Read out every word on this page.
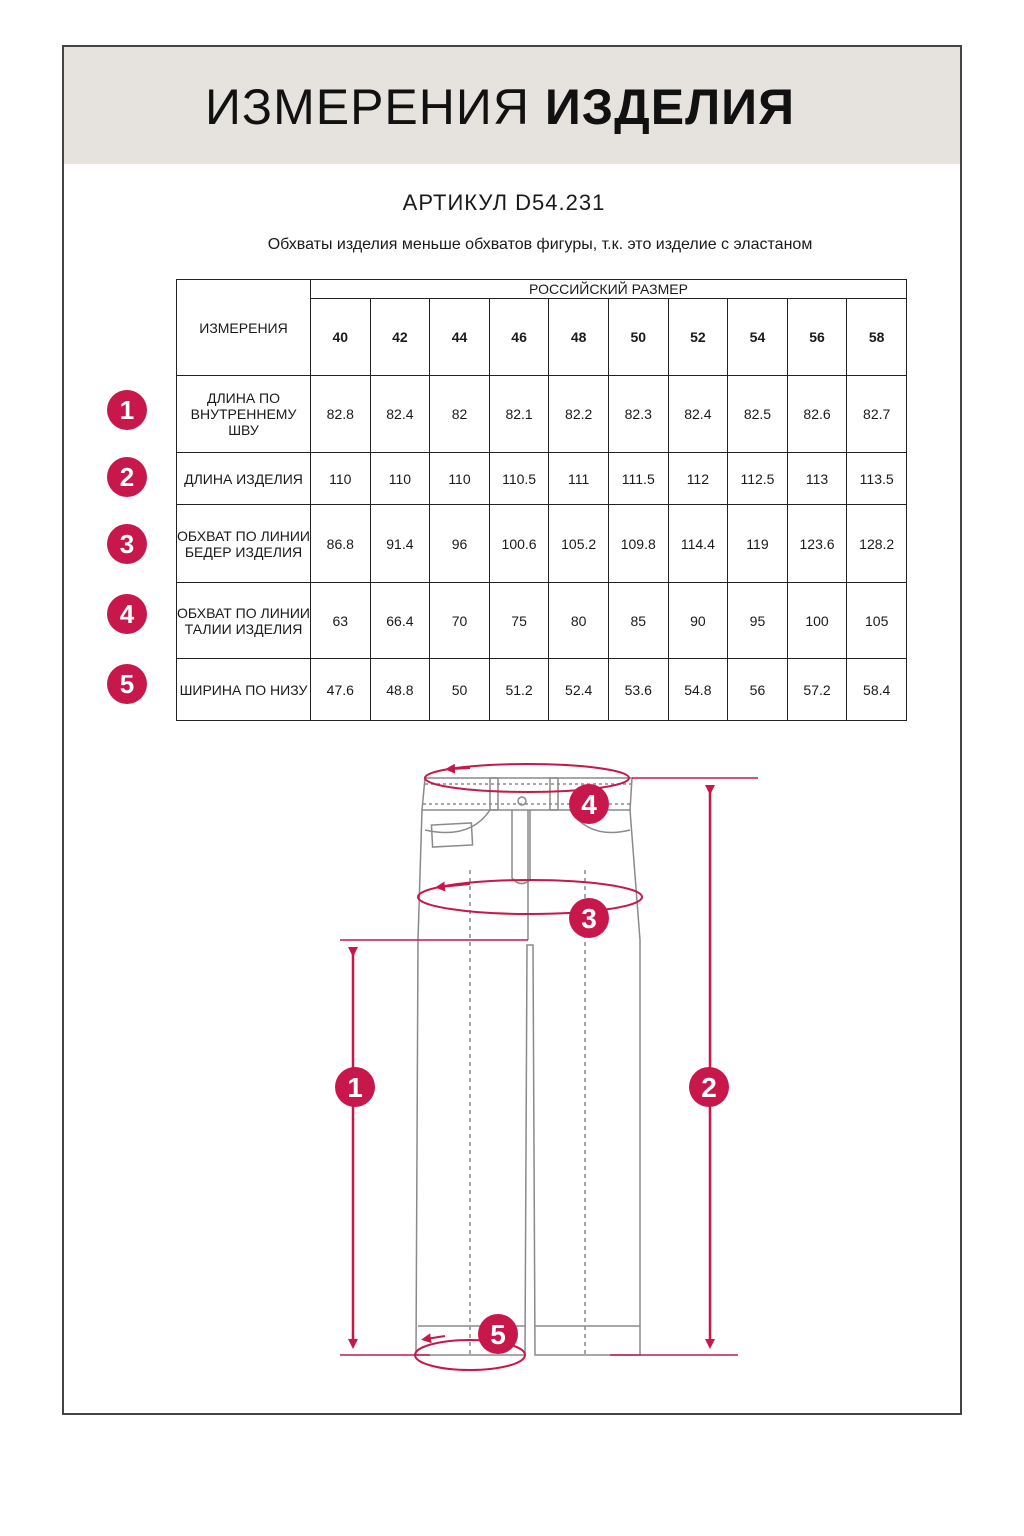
ИЗМЕРЕНИЯ ИЗДЕЛИЯ
АРТИКУЛ D54.231
Обхваты изделия меньше обхватов фигуры, т.к. это изделие с эластаном
ИЗМЕРЕНИЯ	РОССИЙСКИЙ РАЗМЕР									
	40	42	44	46	48	50	52	54	56	58
ДЛИНА ПО ВНУТРЕННЕМУ ШВУ	82.8	82.4	82	82.1	82.2	82.3	82.4	82.5	82.6	82.7
ДЛИНА ИЗДЕЛИЯ	110	110	110	110.5	111	111.5	112	112.5	113	113.5
ОБХВАТ ПО ЛИНИИ БЕДЕР ИЗДЕЛИЯ	86.8	91.4	96	100.6	105.2	109.8	114.4	119	123.6	128.2
ОБХВАТ ПО ЛИНИИ ТАЛИИ ИЗДЕЛИЯ	63	66.4	70	75	80	85	90	95	100	105
ШИРИНА ПО НИЗУ	47.6	48.8	50	51.2	52.4	53.6	54.8	56	57.2	58.4
1
2
3
4
5
1	2
3
4
5
